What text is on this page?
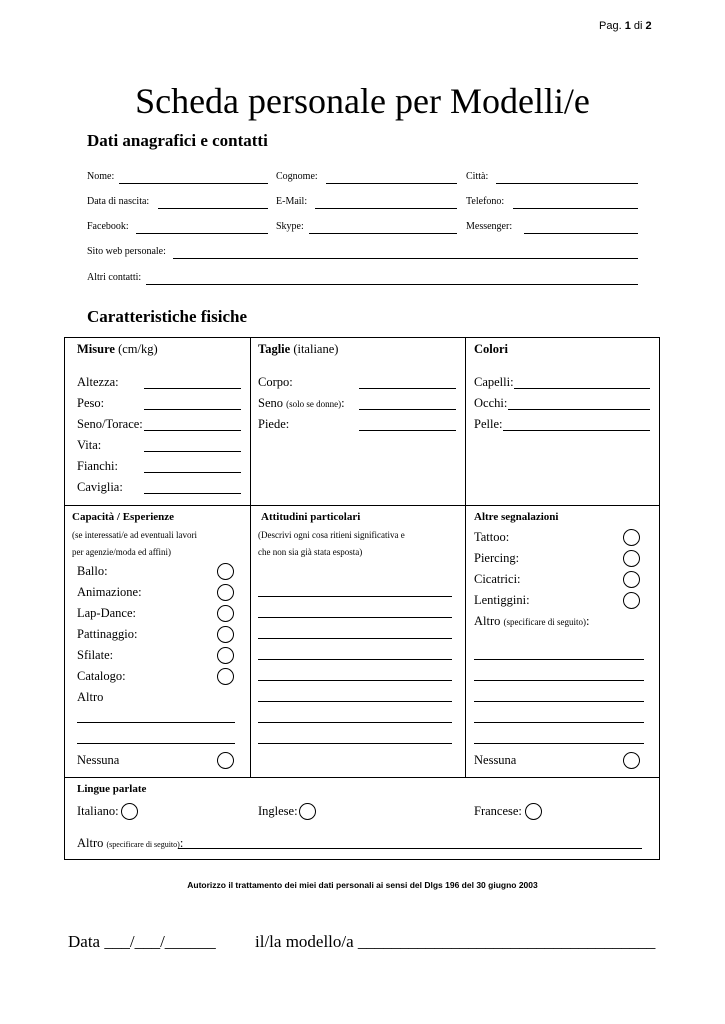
Pag. 1 di 2
Scheda personale per Modelli/e
Dati anagrafici e contatti
Nome:	Cognome:	Città:
Data di nascita:	E-Mail:	Telefono:
Facebook:	Skype:	Messenger:
Sito web personale:
Altri contatti:
Caratteristiche fisiche
Misure (cm/kg)
Altezza:
Peso:
Seno/Torace:
Vita:
Fianchi:
Caviglia:
Taglie (italiane)
Corpo:
Seno (solo se donne):
Piede:
Colori
Capelli:
Occhi:
Pelle:
Capacità / Esperienze
(se interessati/e ad eventuali lavori
per agenzie/moda ed affini)
Ballo:
Animazione:
Lap-Dance:
Pattinaggio:
Sfilate:
Catalogo:
Altro
Nessuna
Attitudini particolari
(Descrivi ogni cosa ritieni significativa e
che non sia già stata esposta)
Altre segnalazioni
Tattoo:
Piercing:
Cicatrici:
Lentiggini:
Altro (specificare di seguito):
Nessuna
Lingue parlate
Italiano:	Inglese:	Francese:
Altro (specificare di seguito):
Autorizzo il trattamento dei miei dati personali ai sensi del Dlgs 196 del 30 giugno 2003
Data ___/___/______ il/la modello/a ___________________________________
